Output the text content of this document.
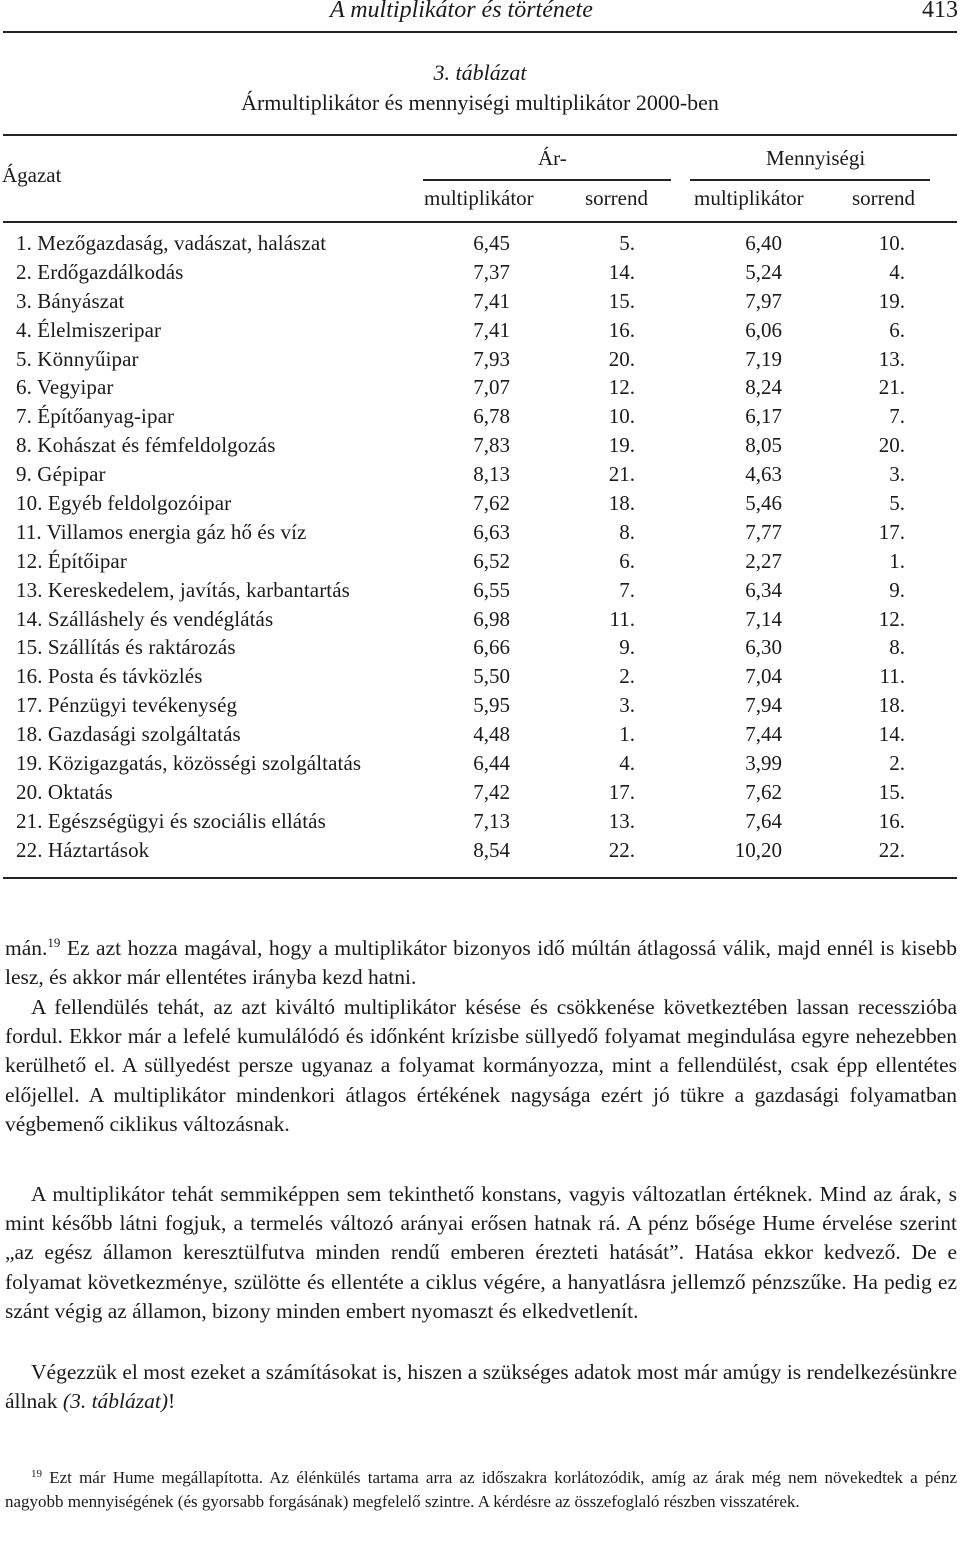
A multiplikátor és története	413
3. táblázat
Ármultiplikátor és mennyiségi multiplikátor 2000-ben
Ágazat
Ár-	Mennyiségi
multiplikátor sorrend multiplikátor sorrend
1. Mezőgazdaság, vadászat, halászat	6,45	5.	6,40	10.
2. Erdőgazdálkodás	7,37	14.	5,24	4.
3. Bányászat	7,41	15.	7,97	19.
4. Élelmiszeripar	7,41	16.	6,06	6.
5. Könnyűipar	7,93	20.	7,19	13.
6. Vegyipar	7,07	12.	8,24	21.
7. Építőanyag-ipar	6,78	10.	6,17	7.
8. Kohászat és fémfeldolgozás	7,83	19.	8,05	20.
9. Gépipar	8,13	21.	4,63	3.
10. Egyéb feldolgozóipar	7,62	18.	5,46	5.
11. Villamos energia gáz hő és víz	6,63	8.	7,77	17.
12. Építőipar	6,52	6.	2,27	1.
13. Kereskedelem, javítás, karbantartás	6,55	7.	6,34	9.
14. Szálláshely és vendéglátás	6,98	11.	7,14	12.
15. Szállítás és raktározás	6,66	9.	6,30	8.
16. Posta és távközlés	5,50	2.	7,04	11.
17. Pénzügyi tevékenység	5,95	3.	7,94	18.
18. Gazdasági szolgáltatás	4,48	1.	7,44	14.
19. Közigazgatás, közösségi szolgáltatás	6,44	4.	3,99	2.
20. Oktatás	7,42	17.	7,62	15.
21. Egészségügyi és szociális ellátás	7,13	13.	7,64	16.
22. Háztartások	8,54	22.	10,20	22.
mán.$^{19}$ Ez azt hozza magával, hogy a multiplikátor bizonyos idő múltán átlagossá válik, majd ennél is kisebb lesz, és akkor már ellentétes irányba kezd hatni.
A fellendülés tehát, az azt kiváltó multiplikátor késése és csökkenése következtében lassan recesszióba fordul. Ekkor már a lefelé kumulálódó és időnként krízisbe süllyedő folyamat megindulása egyre nehezebben kerülhető el. A süllyedést persze ugyanaz a folyamat kormányozza, mint a fellendülést, csak épp ellentétes előjellel. A multiplikátor mindenkori átlagos értékének nagysága ezért jó tükre a gazdasági folyamatban végbemenő ciklikus változásnak.
A multiplikátor tehát semmiképpen sem tekinthető konstans, vagyis változatlan értéknek. Mind az árak, s mint később látni fogjuk, a termelés változó arányai erősen hatnak rá. A pénz bősége Hume érvelése szerint „az egész államon keresztülfutva minden rendű emberen érezteti hatását”. Hatása ekkor kedvező. De e folyamat következménye, szülötte és ellentéte a ciklus végére, a hanyatlásra jellemző pénzszűke. Ha pedig ez szánt végig az államon, bizony minden embert nyomaszt és elkedvetlenít.
Végezzük el most ezeket a számításokat is, hiszen a szükséges adatok most már amúgy is rendelkezésünkre állnak (3. táblázat)!
$^{19}$ Ezt már Hume megállapította. Az élénkülés tartama arra az időszakra korlátozódik, amíg az árak még nem növekedtek a pénz nagyobb mennyiségének (és gyorsabb forgásának) megfelelő szintre. A kérdésre az összefoglaló részben visszatérek.
